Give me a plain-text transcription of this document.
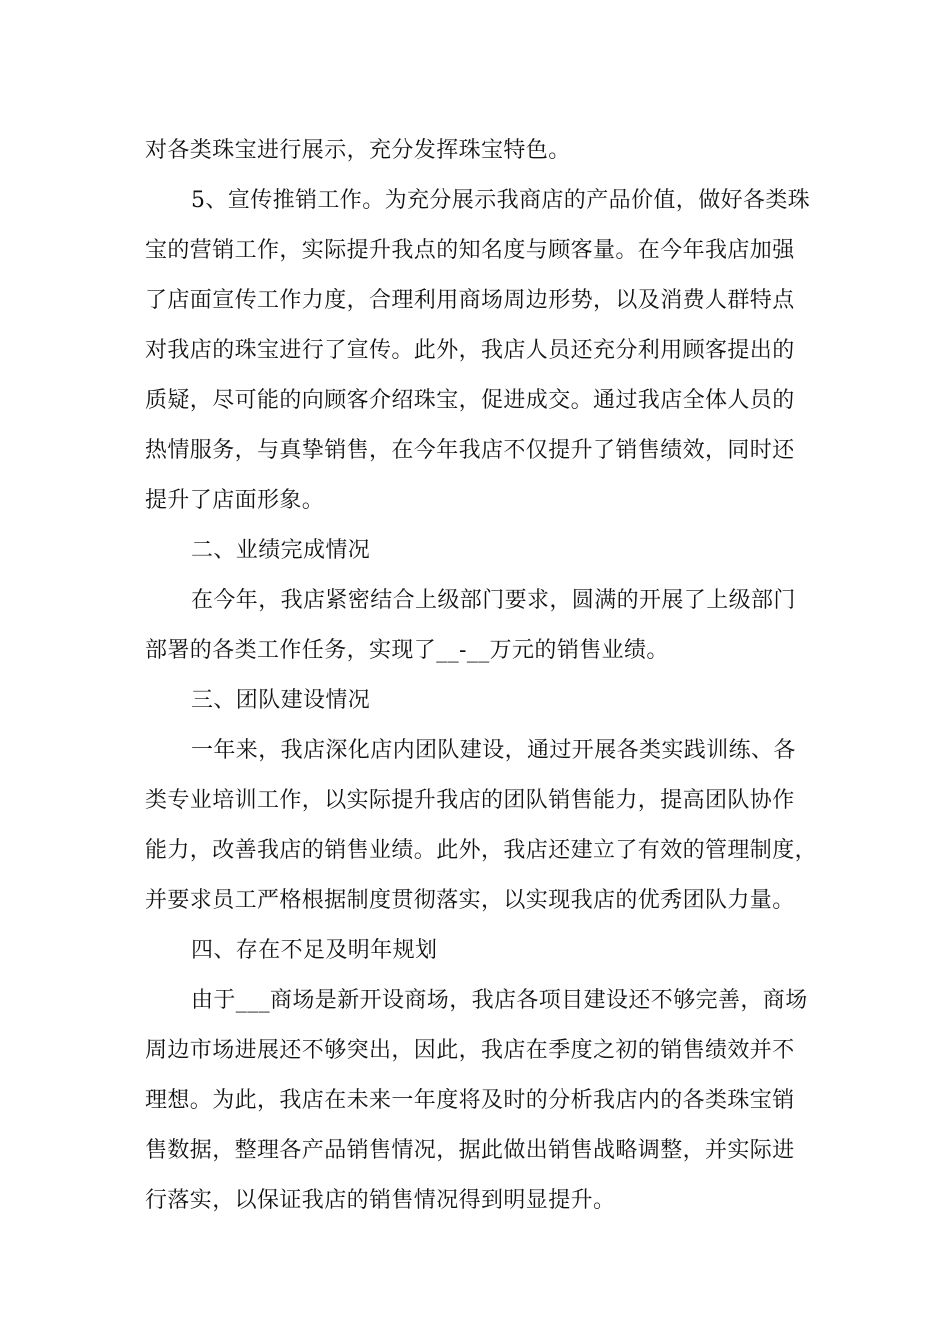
对各类珠宝进行展示，充分发挥珠宝特色。
5、宣传推销工作。为充分展示我商店的产品价值，做好各类珠
宝的营销工作，实际提升我点的知名度与顾客量。在今年我店加强
了店面宣传工作力度，合理利用商场周边形势，以及消费人群特点
对我店的珠宝进行了宣传。此外，我店人员还充分利用顾客提出的
质疑，尽可能的向顾客介绍珠宝，促进成交。通过我店全体人员的
热情服务，与真挚销售，在今年我店不仅提升了销售绩效，同时还
提升了店面形象。
二、业绩完成情况
在今年，我店紧密结合上级部门要求，圆满的开展了上级部门
部署的各类工作任务，实现了__-__万元的销售业绩。
三、团队建设情况
一年来，我店深化店内团队建设，通过开展各类实践训练、各
类专业培训工作，以实际提升我店的团队销售能力，提高团队协作
能力，改善我店的销售业绩。此外，我店还建立了有效的管理制度，
并要求员工严格根据制度贯彻落实，以实现我店的优秀团队力量。
四、存在不足及明年规划
由于___商场是新开设商场，我店各项目建设还不够完善，商场
周边市场进展还不够突出，因此，我店在季度之初的销售绩效并不
理想。为此，我店在未来一年度将及时的分析我店内的各类珠宝销
售数据，整理各产品销售情况，据此做出销售战略调整，并实际进
行落实，以保证我店的销售情况得到明显提升。
